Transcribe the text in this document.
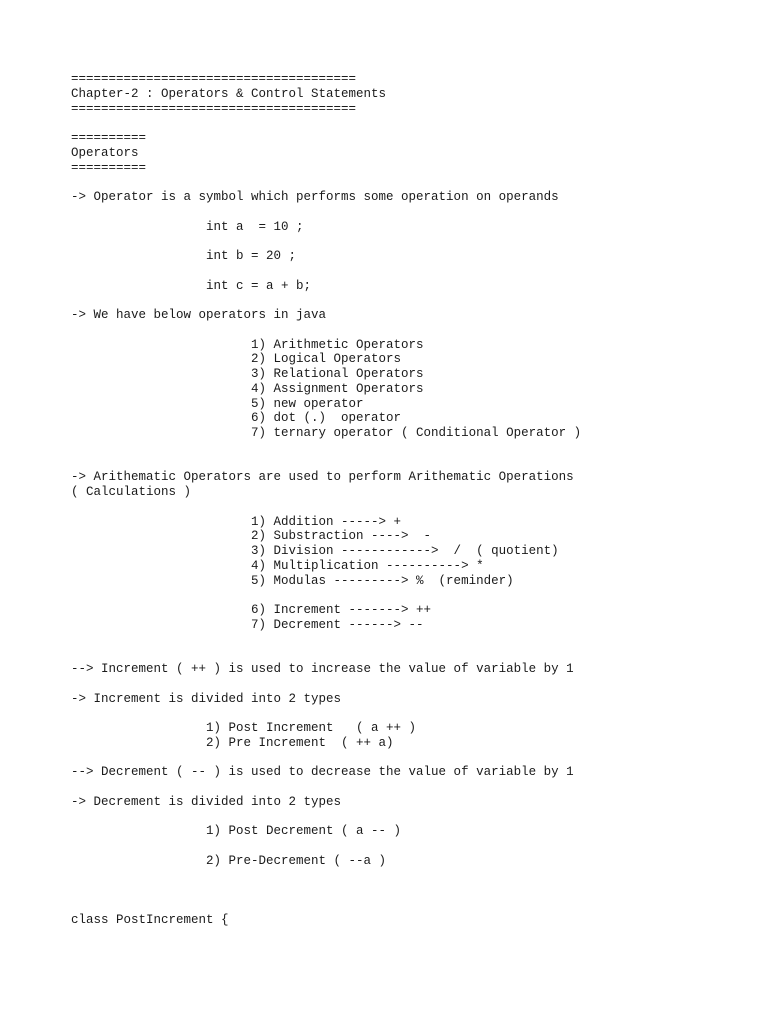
======================================
Chapter-2 : Operators & Control Statements
======================================
==========
Operators
==========
-> Operator is a symbol which performs some operation on operands
int a  = 10 ;
int b = 20 ;
int c = a + b;
-> We have below operators in java
1) Arithmetic Operators
2) Logical Operators
3) Relational Operators
4) Assignment Operators
5) new operator
6) dot (.)  operator
7) ternary operator ( Conditional Operator )
-> Arithematic Operators are used to perform Arithematic Operations
( Calculations )
1) Addition -----> +
2) Substraction ---->  -
3) Division ------------>  /  ( quotient)
4) Multiplication ----------> *
5) Modulas ---------> %  (reminder)
6) Increment -------> ++
7) Decrement ------> --
--> Increment ( ++ ) is used to increase the value of variable by 1
-> Increment is divided into 2 types
1) Post Increment   ( a ++ )
2) Pre Increment  ( ++ a)
--> Decrement ( -- ) is used to decrease the value of variable by 1
-> Decrement is divided into 2 types
1) Post Decrement ( a -- )
2) Pre-Decrement ( --a )
class PostIncrement {
